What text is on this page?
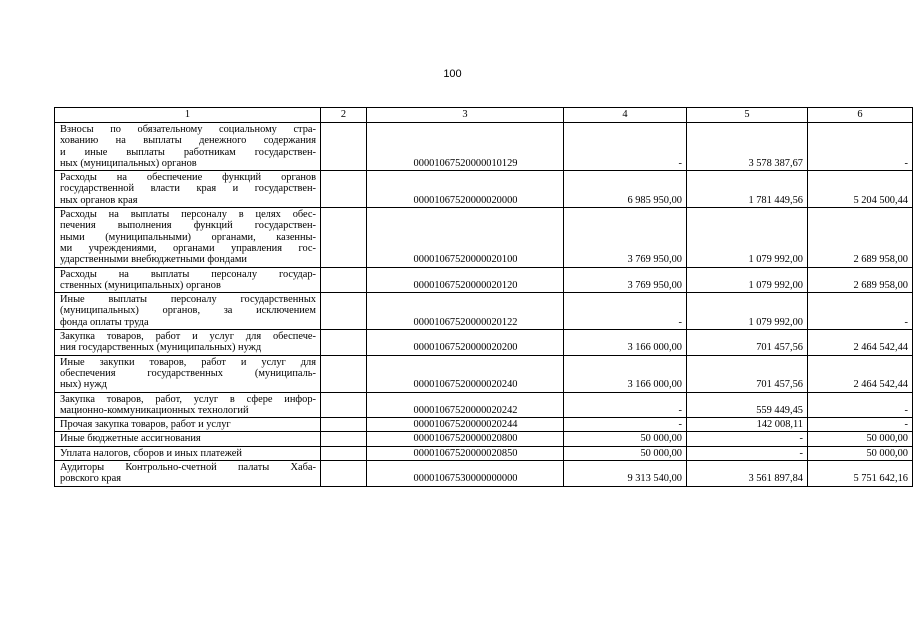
100
1	2	3	4	5	6

Взносы по обязательному социальному стра-
хованию на выплаты денежного содержания
и иные выплаты работникам государствен-
ных (муниципальных) органов		00001067520000010129	-	3 578 387,67	-

Расходы на обеспечение функций органов
государственной власти края и государствен-
ных органов края		00001067520000020000	6 985 950,00	1 781 449,56	5 204 500,44

Расходы на выплаты персоналу в целях обес-
печения выполнения функций государствен-
ными (муниципальными) органами, казенны-
ми учреждениями, органами управления гос-
ударственными внебюджетными фондами		00001067520000020100	3 769 950,00	1 079 992,00	2 689 958,00

Расходы на выплаты персоналу государ-
ственных (муниципальных) органов		00001067520000020120	3 769 950,00	1 079 992,00	2 689 958,00

Иные выплаты персоналу государственных
(муниципальных) органов, за исключением
фонда оплаты труда		00001067520000020122	-	1 079 992,00	-

Закупка товаров, работ и услуг для обеспече-
ния государственных (муниципальных) нужд		00001067520000020200	3 166 000,00	701 457,56	2 464 542,44

Иные закупки товаров, работ и услуг для
обеспечения государственных (муниципаль-
ных) нужд		00001067520000020240	3 166 000,00	701 457,56	2 464 542,44

Закупка товаров, работ, услуг в сфере инфор-
мационно-коммуникационных технологий		00001067520000020242	-	559 449,45	-

Прочая закупка товаров, работ и услуг		00001067520000020244	-	142 008,11	-

Иные бюджетные ассигнования		00001067520000020800	50 000,00	-	50 000,00

Уплата налогов, сборов и иных платежей		00001067520000020850	50 000,00	-	50 000,00

Аудиторы Контрольно-счетной палаты Хаба-
ровского края		00001067530000000000	9 313 540,00	3 561 897,84	5 751 642,16
